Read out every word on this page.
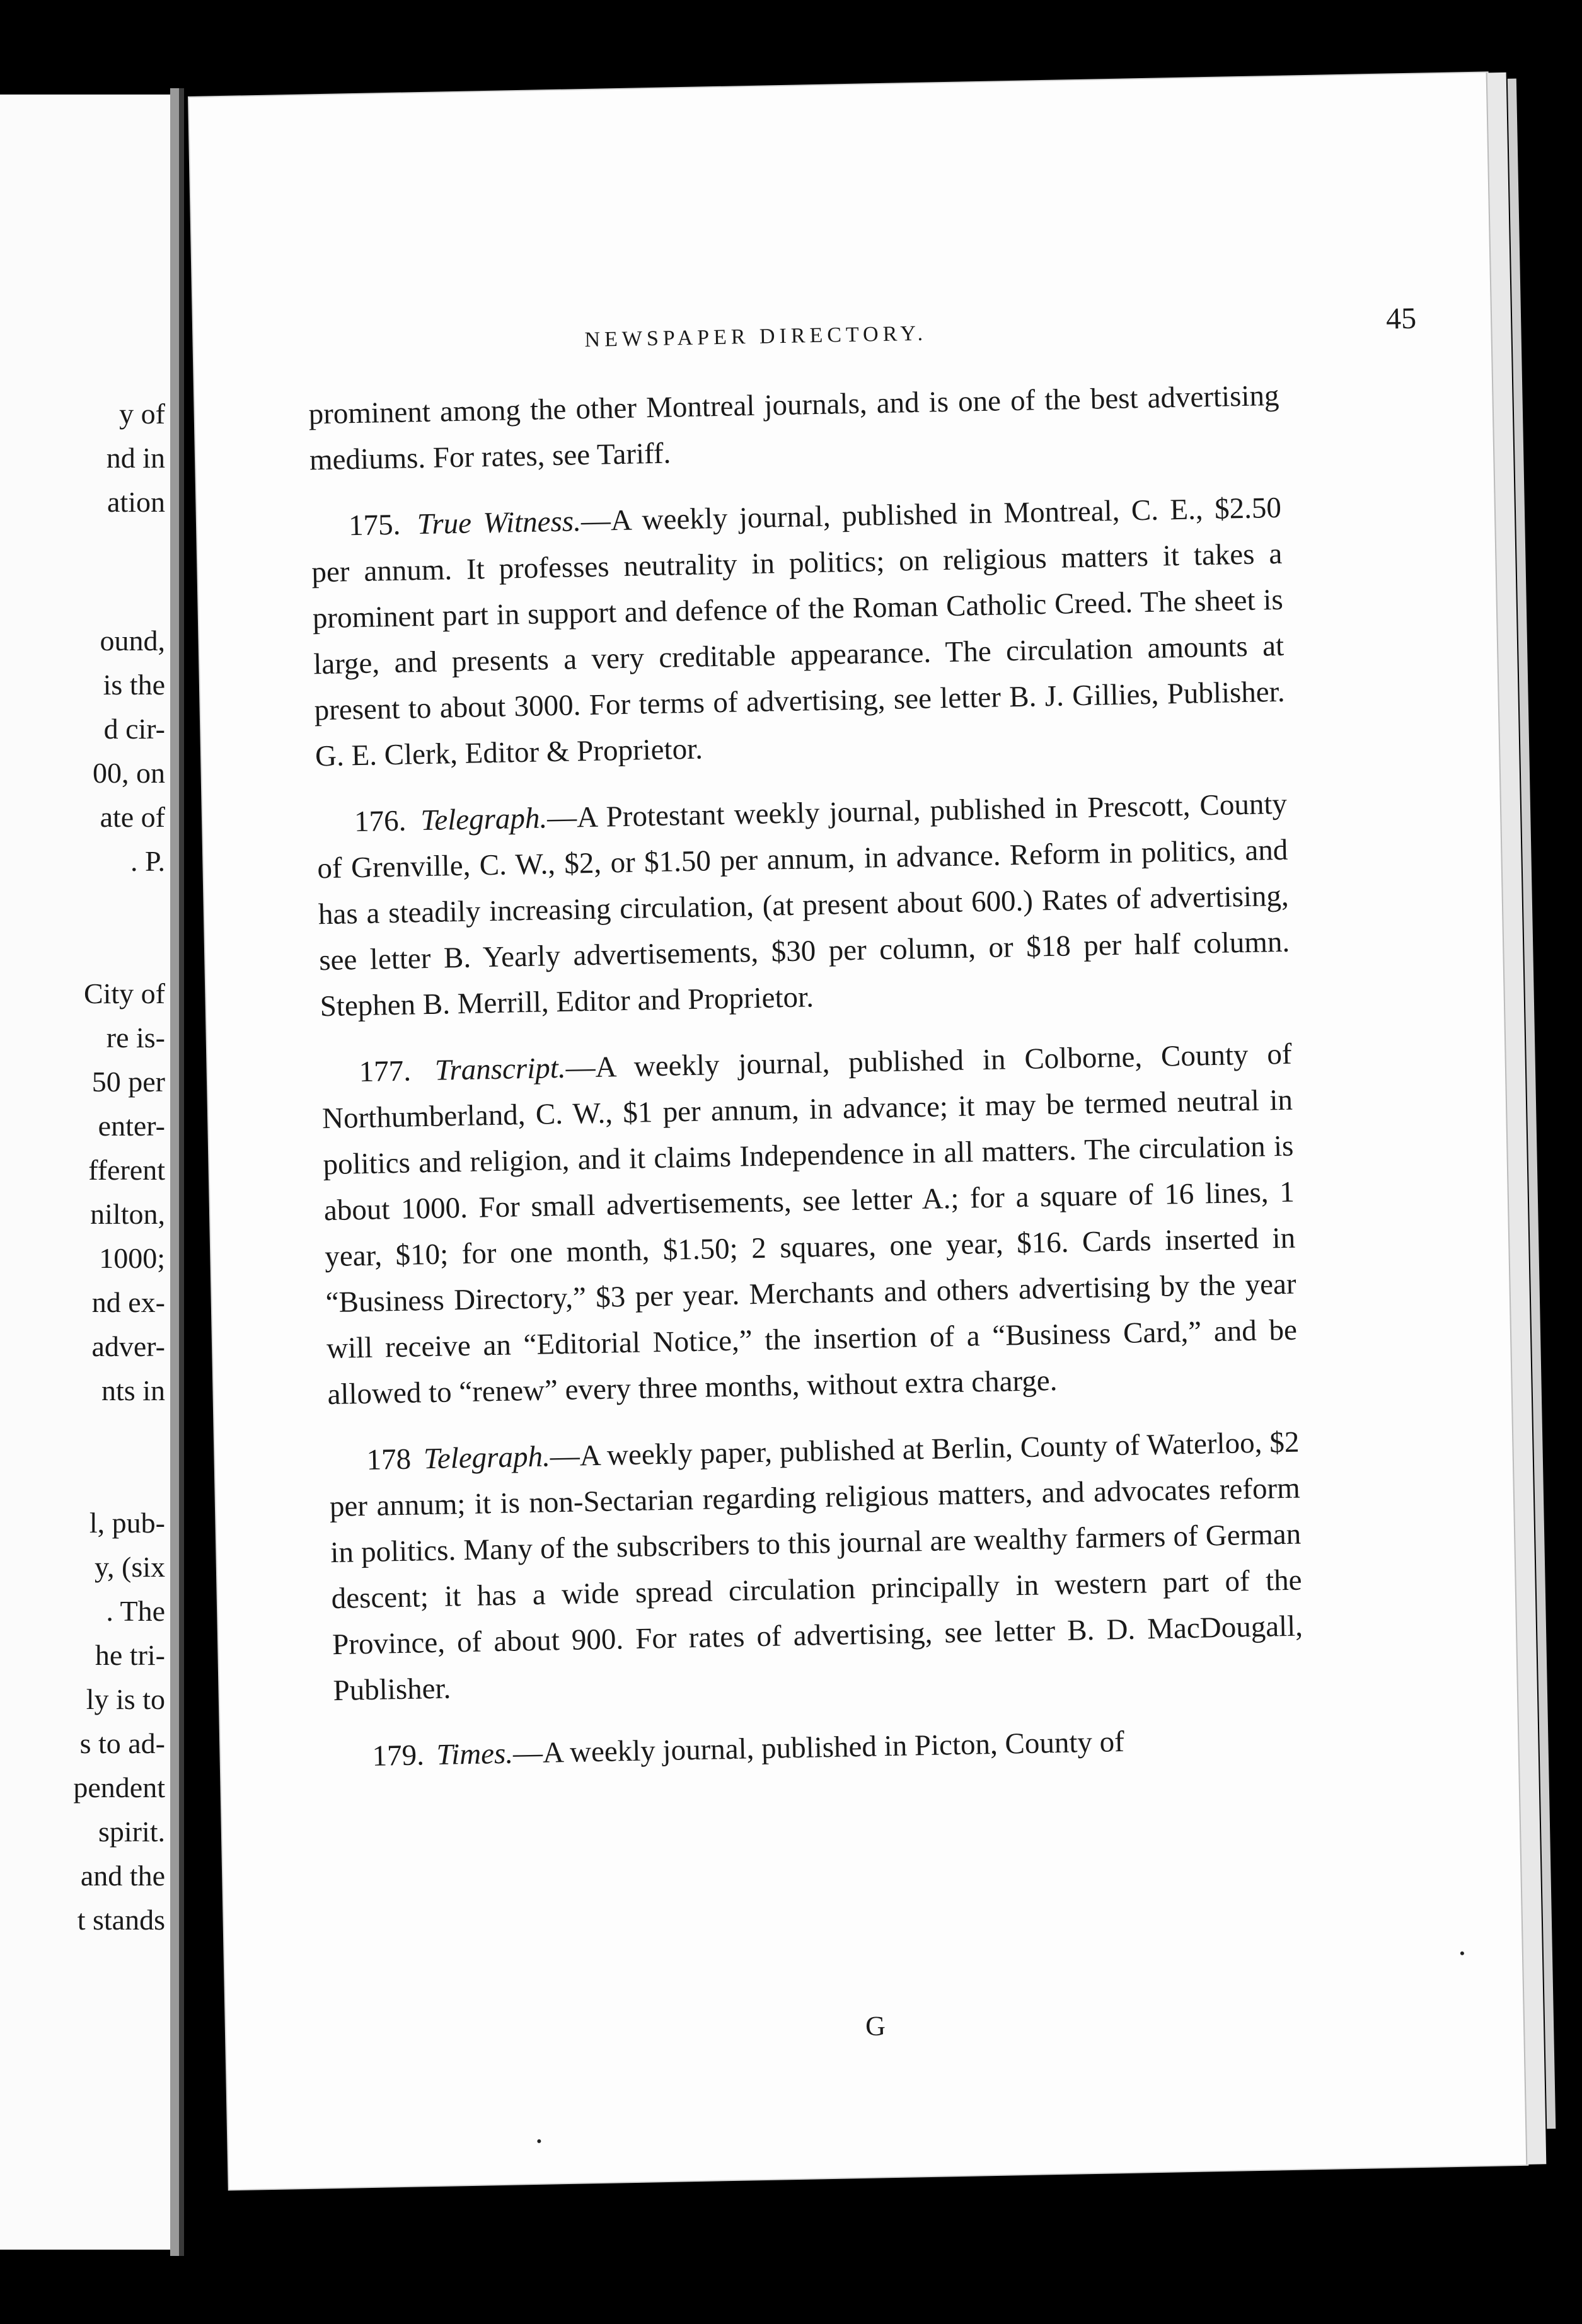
y of
nd in
ation
ound,
is the
d cir-
00, on
ate of
. P.
City of
re is-
50 per
enter-
fferent
nilton,
1000;
nd ex-
adver-
nts in
l, pub-
y, (six
. The
he tri-
ly is to
s to ad-
pendent
spirit.
and the
t stands
NEWSPAPER DIRECTORY.
45

prominent among the other Montreal journals, and is one of the best advertising mediums. For rates, see Tariff.

175. True Witness.—A weekly journal, published in Montreal, C. E., $2.50 per annum. It professes neutrality in politics; on religious matters it takes a prominent part in support and defence of the Roman Catholic Creed. The sheet is large, and presents a very creditable appearance. The circulation amounts at present to about 3000. For terms of advertising, see letter B. J. Gillies, Publisher. G. E. Clerk, Editor & Proprietor.

176. Telegraph.—A Protestant weekly journal, published in Prescott, County of Grenville, C. W., $2, or $1.50 per annum, in advance. Reform in politics, and has a steadily increasing circulation, (at present about 600.) Rates of advertising, see letter B. Yearly advertisements, $30 per column, or $18 per half column. Stephen B. Merrill, Editor and Proprietor.

177. Transcript.—A weekly journal, published in Colborne, County of Northumberland, C. W., $1 per annum, in advance; it may be termed neutral in politics and religion, and it claims Independence in all matters. The circulation is about 1000. For small advertisements, see letter A.; for a square of 16 lines, 1 year, $10; for one month, $1.50; 2 squares, one year, $16. Cards inserted in “Business Directory,” $3 per year. Merchants and others advertising by the year will receive an “Editorial Notice,” the insertion of a “Business Card,” and be allowed to “renew” every three months, without extra charge.

178 Telegraph.—A weekly paper, published at Berlin, County of Waterloo, $2 per annum; it is non-Sectarian regarding religious matters, and advocates reform in politics. Many of the subscribers to this journal are wealthy farmers of German descent; it has a wide spread circulation principally in western part of the Province, of about 900. For rates of advertising, see letter B. D. MacDougall, Publisher.

179. Times.—A weekly journal, published in Picton, County of

G
